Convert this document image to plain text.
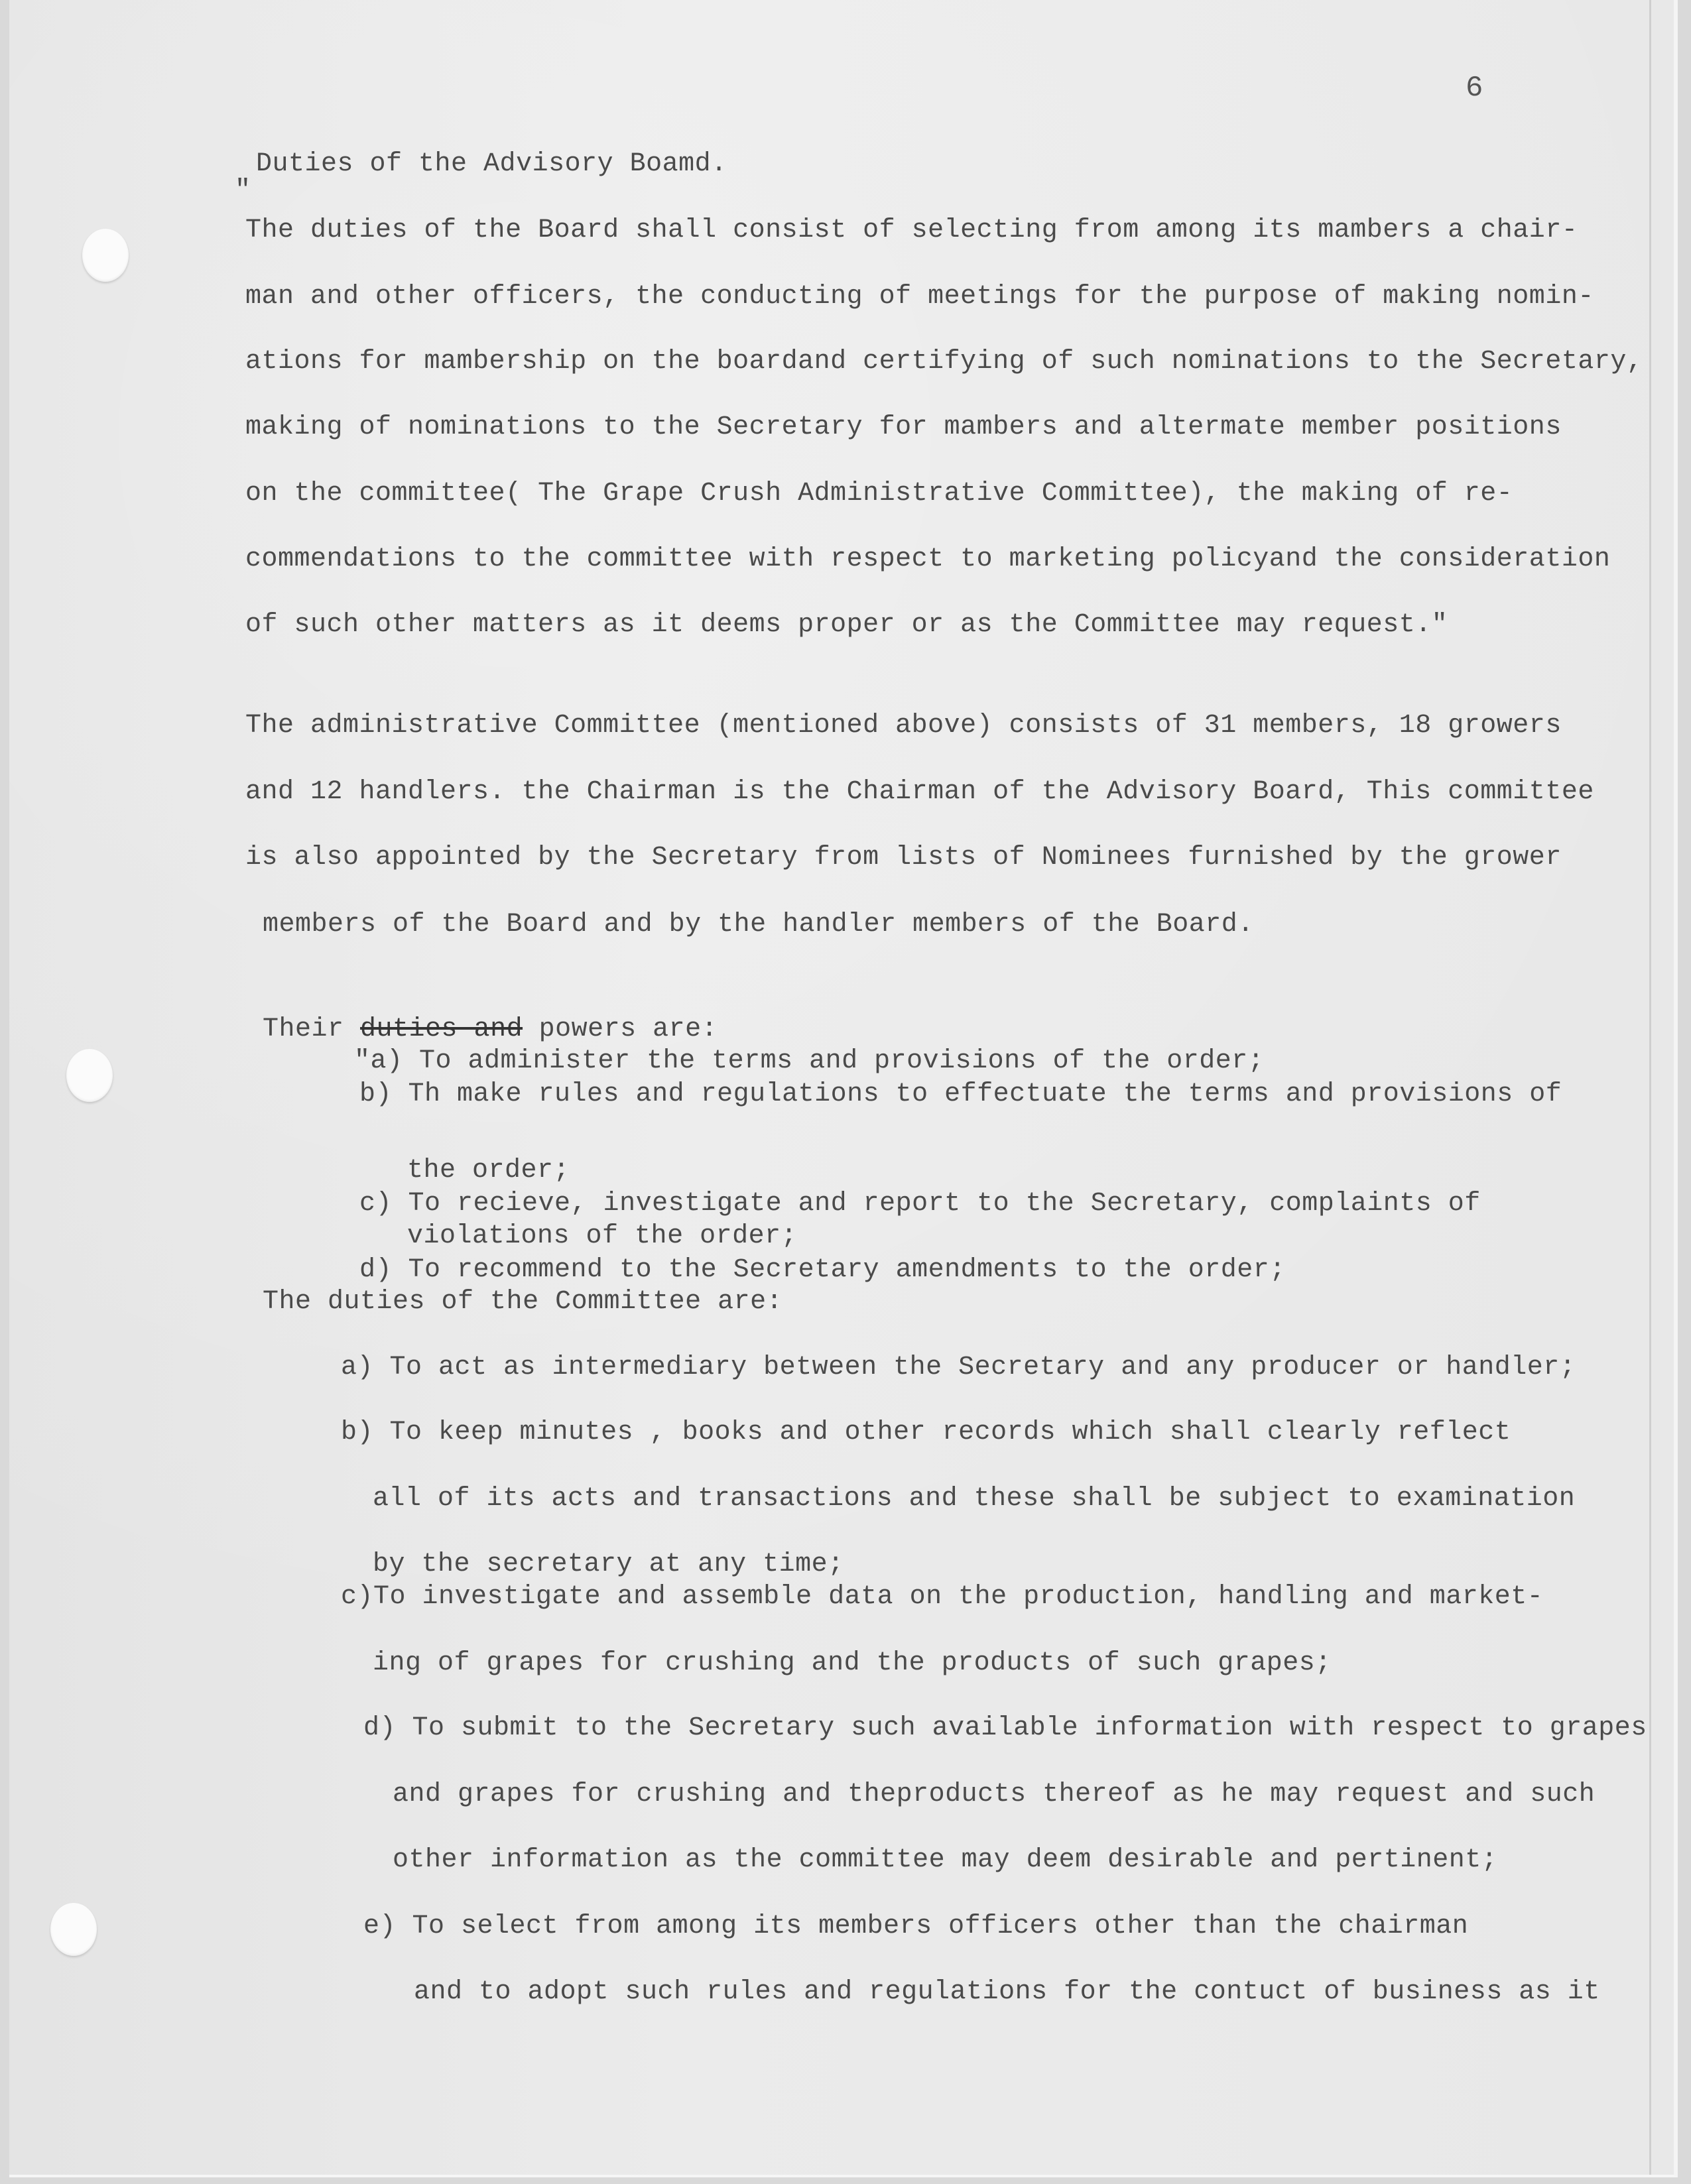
6
Duties of the Advisory Boamd.
"
The duties of the Board shall consist of selecting from among its mambers a chair-
man and other officers, the conducting of meetings for the purpose of making nomin-
ations for mambership on the boardand certifying of such nominations to the Secretary,
making of nominations to the Secretary for mambers and altermate member positions
on the committee( The Grape Crush Administrative Committee), the making of re-
commendations to the committee with respect to marketing policyand the consideration
of such other matters as it deems proper or as the Committee may request."
The administrative Committee (mentioned above) consists of 31 members, 18 growers
and 12 handlers. the Chairman is the Chairman of the Advisory Board, This committee
is also appointed by the Secretary from lists of Nominees furnished by the grower
members of the Board and by the handler members of the Board.
Their duties and powers are:
"a) To administer the terms and provisions of the order;
b) Th make rules and regulations to effectuate the terms and provisions of
the order;
c) To recieve, investigate and report to the Secretary, complaints of
violations of the order;
d) To recommend to the Secretary amendments to the order;
The duties of the Committee are:
a) To act as intermediary between the Secretary and any producer or handler;
b) To keep minutes , books and other records which shall clearly reflect
all of its acts and transactions and these shall be subject to examination
by the secretary at any time;
c)To investigate and assemble data on the production, handling and market-
ing of grapes for crushing and the products of such grapes;
d) To submit to the Secretary such available information with respect to grapes
and grapes for crushing and theproducts thereof as he may request and such
other information as the committee may deem desirable and pertinent;
e) To select from among its members officers other than the chairman
and to adopt such rules and regulations for the contuct of business as it
